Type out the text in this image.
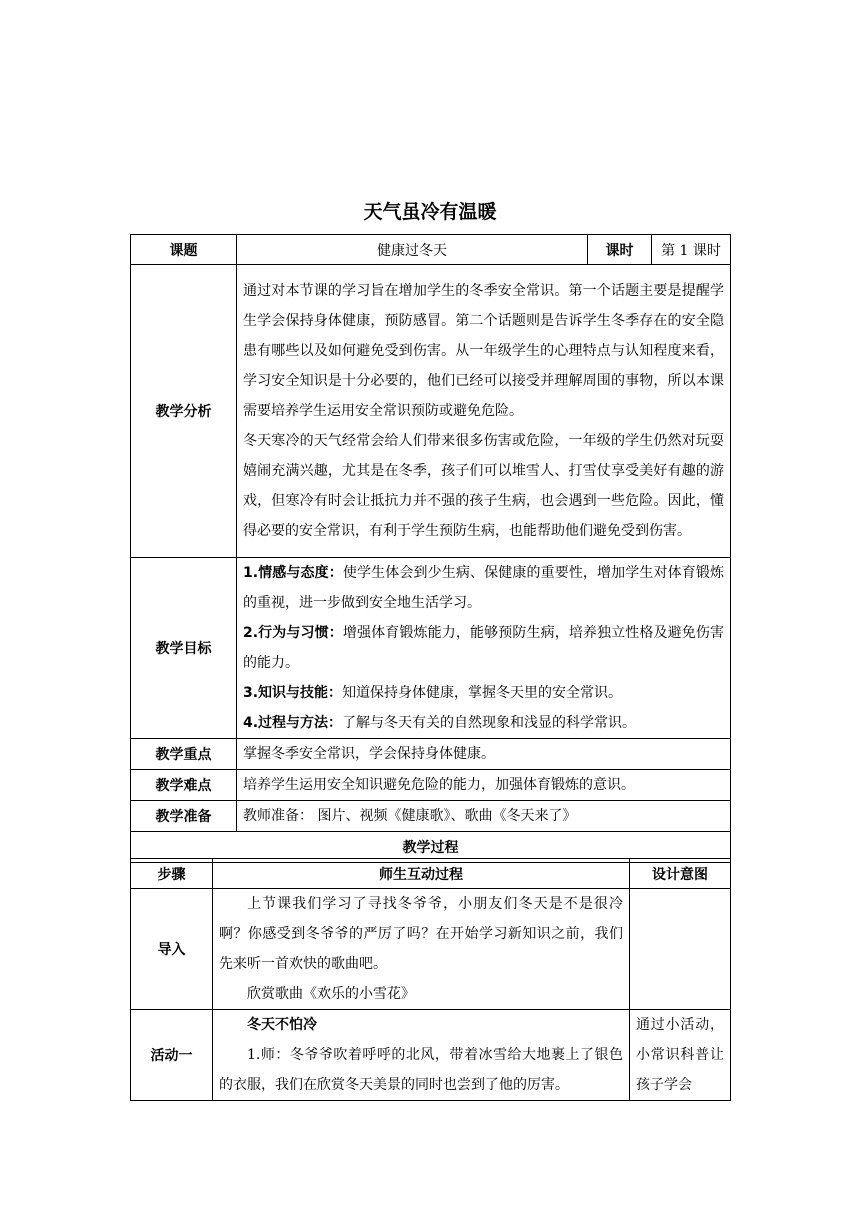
天气虽冷有温暖
课题	健康过冬天	课时	第 1 课时
教学分析	通过对本节课的学习旨在增加学生的冬季安全常识。第一个话题主要是提醒学生学会保持身体健康，预防感冒。第二个话题则是告诉学生冬季存在的安全隐患有哪些以及如何避免受到伤害。从一年级学生的心理特点与认知程度来看，学习安全知识是十分必要的，他们已经可以接受并理解周围的事物，所以本课需要培养学生运用安全常识预防或避免危险。

冬天寒冷的天气经常会给人们带来很多伤害或危险，一年级的学生仍然对玩耍嬉闹充满兴趣，尤其是在冬季，孩子们可以堆雪人、打雪仗享受美好有趣的游戏，但寒冷有时会让抵抗力并不强的孩子生病，也会遇到一些危险。因此，懂得必要的安全常识，有利于学生预防生病，也能帮助他们避免受到伤害。		

教学目标	1.情感与态度：使学生体会到少生病、保健康的重要性，增加学生对体育锻炼的重视，进一步做到安全地生活学习。

2.行为与习惯：增强体育锻炼能力，能够预防生病，培养独立性格及避免伤害的能力。

3.知识与技能：知道保持身体健康，掌握冬天里的安全常识。

4.过程与方法：了解与冬天有关的自然现象和浅显的科学常识。		

教学重点	掌握冬季安全常识，学会保持身体健康。		
教学难点	培养学生运用安全知识避免危险的能力，加强体育锻炼的意识。		
教学准备	教师准备： 图片、视频《健康歌》、歌曲《冬天来了》		
教学过程			
步骤	师生互动过程	设计意图
导入	上节课我们学习了寻找冬爷爷，小朋友们冬天是不是很冷啊？你感受到冬爷爷的严厉了吗？在开始学习新知识之前，我们先来听一首欢快的歌曲吧。

欣赏歌曲《欢乐的小雪花》	

活动一	冬天不怕冷

1.师：冬爷爷吹着呼呼的北风，带着冰雪给大地裹上了银色的衣服，我们在欣赏冬天美景的同时也尝到了他的厉害。	通过小活动，小常识科普让孩子学会
